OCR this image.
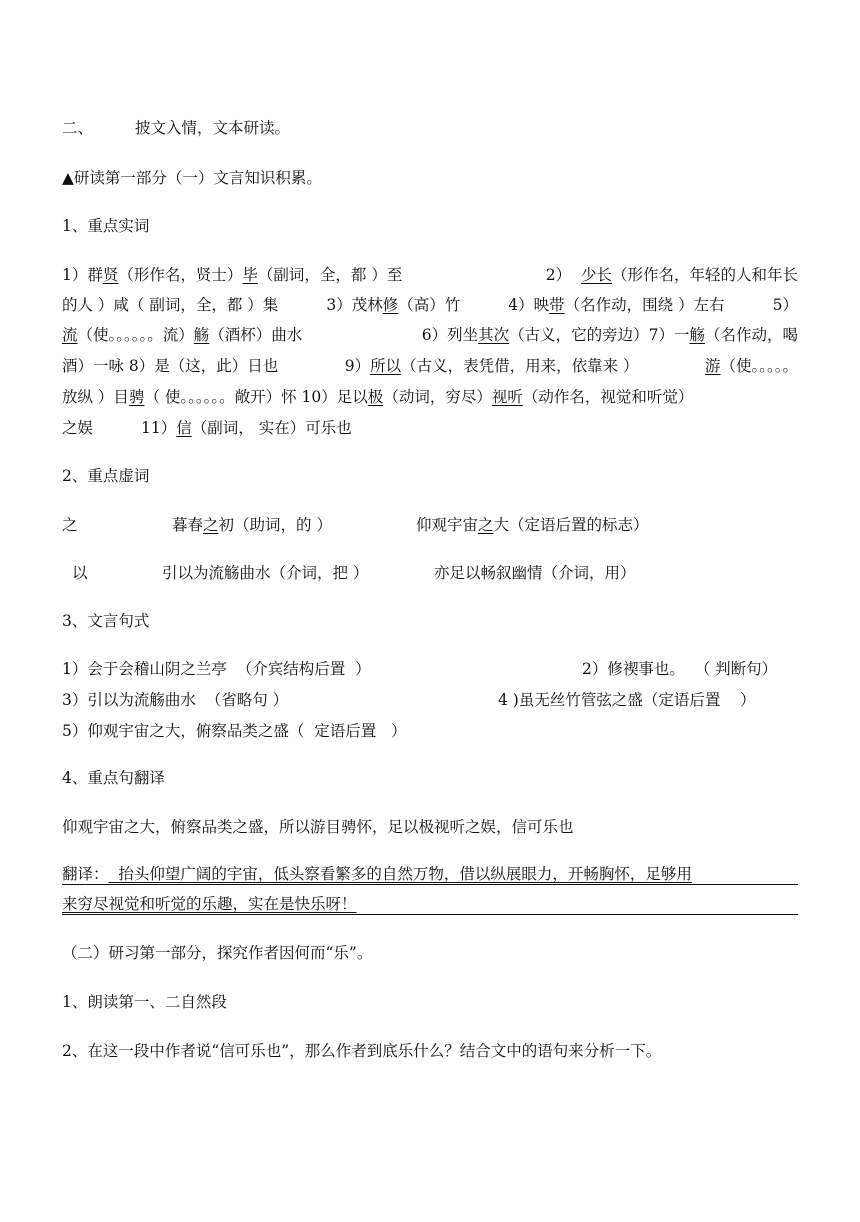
二、	披文入情，文本研读。
▲研读第一部分（一）文言知识积累。
1、重点实词
1）群贤（形作名，贤士）毕（副词，全，都 ）至	2） 少长（形作名，年轻的人和年长
的人 ）咸（ 副词，全，都 ）集	3）茂林修（高）竹	4）映带（名作动，围绕 ）左右	5）
流（使。。。。。。流）觞（酒杯）曲水	6）列坐其次（古义，它的旁边）7）一觞（名作动，喝
酒）一咏 8）是（这，此）日也	9）所以（古义，表凭借，用来，依靠来 ）	游（使。。。。。
放纵 ）目骋（ 使。。。。。。敞开）怀 10）足以极（动词，穷尽）视听（动作名，视觉和听觉）
之娱	11）信（副词， 实在）可乐也
2、重点虚词
之	暮春之初（助词，的 ）	仰观宇宙之大（定语后置的标志）
以	引以为流觞曲水（介词，把 ）	亦足以畅叙幽情（介词，用）
3、文言句式
1）会于会稽山阴之兰亭  （介宾结构后置  ）	2）修禊事也。  （ 判断句）
3）引以为流觞曲水  （省略句 ）	4 )虽无丝竹管弦之盛（定语后置    ）
5）仰观宇宙之大，俯察品类之盛（  定语后置   ）
4、重点句翻译
仰观宇宙之大，俯察品类之盛，所以游目骋怀，足以极视听之娱，信可乐也
翻译：  抬头仰望广阔的宇宙，低头察看繁多的自然万物，借以纵展眼力，开畅胸怀，足够用
来穷尽视觉和听觉的乐趣，实在是快乐呀！
（二）研习第一部分，探究作者因何而“乐”。
1、朗读第一、二自然段
2、在这一段中作者说“信可乐也”，那么作者到底乐什么？结合文中的语句来分析一下。
